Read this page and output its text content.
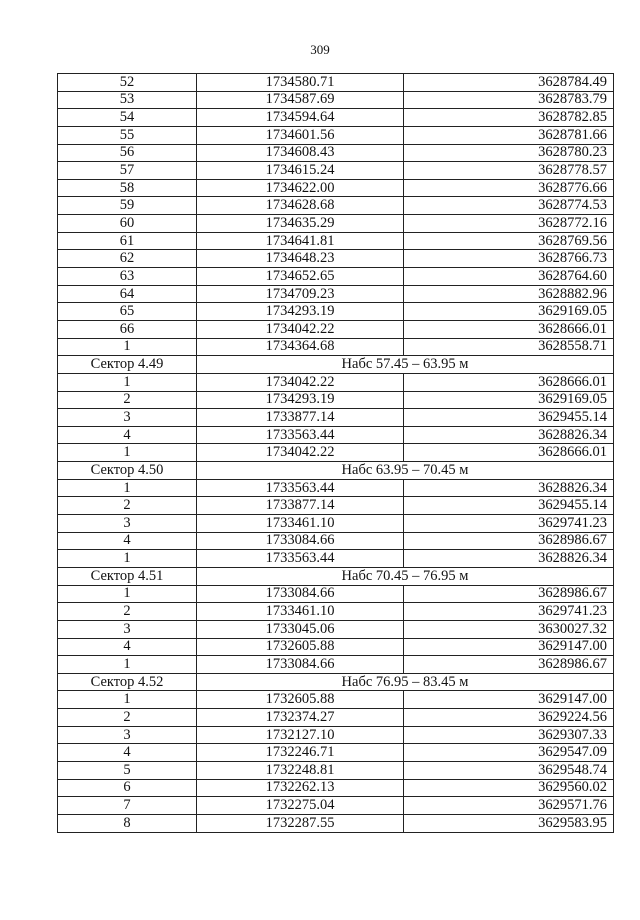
309
52	1734580.71	3628784.49
53	1734587.69	3628783.79
54	1734594.64	3628782.85
55	1734601.56	3628781.66
56	1734608.43	3628780.23
57	1734615.24	3628778.57
58	1734622.00	3628776.66
59	1734628.68	3628774.53
60	1734635.29	3628772.16
61	1734641.81	3628769.56
62	1734648.23	3628766.73
63	1734652.65	3628764.60
64	1734709.23	3628882.96
65	1734293.19	3629169.05
66	1734042.22	3628666.01
1	1734364.68	3628558.71
Сектор 4.49	Набс 57.45 – 63.95 м	
1	1734042.22	3628666.01
2	1734293.19	3629169.05
3	1733877.14	3629455.14
4	1733563.44	3628826.34
1	1734042.22	3628666.01
Сектор 4.50	Набс 63.95 – 70.45 м	
1	1733563.44	3628826.34
2	1733877.14	3629455.14
3	1733461.10	3629741.23
4	1733084.66	3628986.67
1	1733563.44	3628826.34
Сектор 4.51	Набс 70.45 – 76.95 м	
1	1733084.66	3628986.67
2	1733461.10	3629741.23
3	1733045.06	3630027.32
4	1732605.88	3629147.00
1	1733084.66	3628986.67
Сектор 4.52	Набс 76.95 – 83.45 м	
1	1732605.88	3629147.00
2	1732374.27	3629224.56
3	1732127.10	3629307.33
4	1732246.71	3629547.09
5	1732248.81	3629548.74
6	1732262.13	3629560.02
7	1732275.04	3629571.76
8	1732287.55	3629583.95
